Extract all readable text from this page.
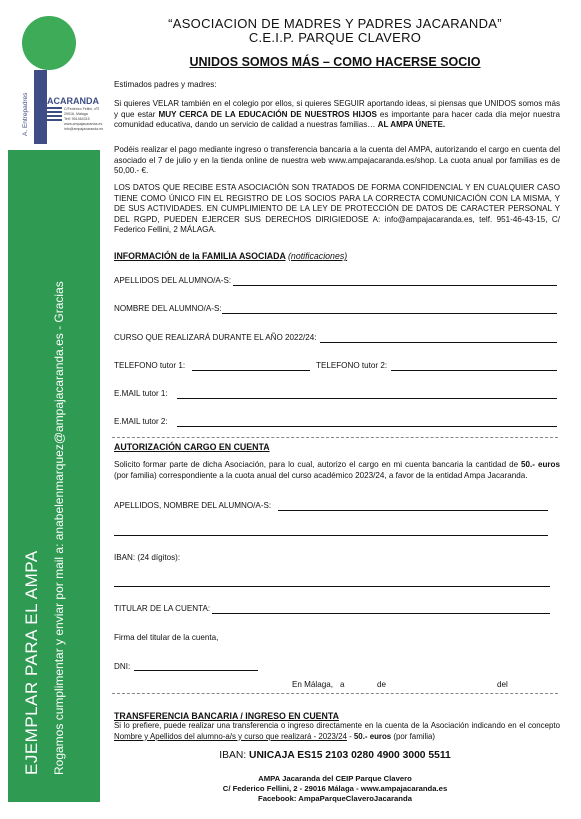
A. Entrepadres JACARANDA
C/Federico Fellini, nº2
29016, Málaga
Telf: 951464315
www.ampajacaranda.es
info@ampajacaranda.es
EJEMPLAR PARA EL AMPA Rogamos cumplimentar y enviar por mail a: anabelenmarquez@ampajacaranda.es - Gracias
“ASOCIACION DE MADRES Y PADRES JACARANDA”
C.E.I.P. PARQUE CLAVERO
UNIDOS SOMOS MÁS – COMO HACERSE SOCIO
Estimados padres y madres:
Si quieres VELAR también en el colegio por ellos, si quieres SEGUIR aportando ideas, si piensas que UNIDOS somos más y que estar MUY CERCA DE LA EDUCACIÓN DE NUESTROS HIJOS es importante para hacer cada día mejor nuestra comunidad educativa, dando un servicio de calidad a nuestras familias… AL AMPA ÚNETE.
Podéis realizar el pago mediante ingreso o transferencia bancaria a la cuenta del AMPA, autorizando el cargo en cuenta del asociado el 7 de julio y en la tienda online de nuestra web www.ampajacaranda.es/shop. La cuota anual por familias es de 50,00.- €.
LOS DATOS QUE RECIBE ESTA ASOCIACIÓN SON TRATADOS DE FORMA CONFIDENCIAL Y EN CUALQUIER CASO TIENE COMO ÚNICO FIN EL REGISTRO DE LOS SOCIOS PARA LA CORRECTA COMUNICACIÓN CON LA MISMA, Y DE SUS ACTIVIDADES. EN CUMPLIMIENTO DE LA LEY DE PROTECCIÓN DE DATOS DE CARACTER PERSONAL Y DEL RGPD, PUEDEN EJERCER SUS DERECHOS DIRIGIEDOSE A: info@ampajacaranda.es, telf. 951-46-43-15, C/ Federico Fellini, 2 MÁLAGA.
INFORMACIÓN de la FAMILIA ASOCIADA (notificaciones)
APELLIDOS DEL ALUMNO/A-S:
NOMBRE DEL ALUMNO/A-S:
CURSO QUE REALIZARÁ DURANTE EL AÑO 2022/24:
TELEFONO tutor 1:	TELEFONO tutor 2:
E.MAIL tutor 1:
E.MAIL tutor 2:
AUTORIZACIÓN CARGO EN CUENTA
Solicito formar parte de dicha Asociación, para lo cual, autorizo el cargo en mi cuenta bancaria la cantidad de 50.- euros (por familia) correspondiente a la cuota anual del curso académico 2023/24, a favor de la entidad Ampa Jacaranda.
APELLIDOS, NOMBRE DEL ALUMNO/A-S:
IBAN: (24 dígitos):
TITULAR DE LA CUENTA:
Firma del titular de la cuenta,
DNI:
En Málaga, a	de	del
TRANSFERENCIA BANCARIA / INGRESO EN CUENTA
Si lo prefiere, puede realizar una transferencia o ingreso directamente en la cuenta de la Asociación indicando en el concepto Nombre y Apellidos del alumno-a/s y curso que realizará - 2023/24 - 50.- euros (por familia)
IBAN: UNICAJA ES15 2103 0280 4900 3000 5511
AMPA Jacaranda del CEIP Parque Clavero
C/ Federico Fellini, 2 - 29016 Málaga - www.ampajacaranda.es
Facebook: AmpaParqueClaveroJacaranda
